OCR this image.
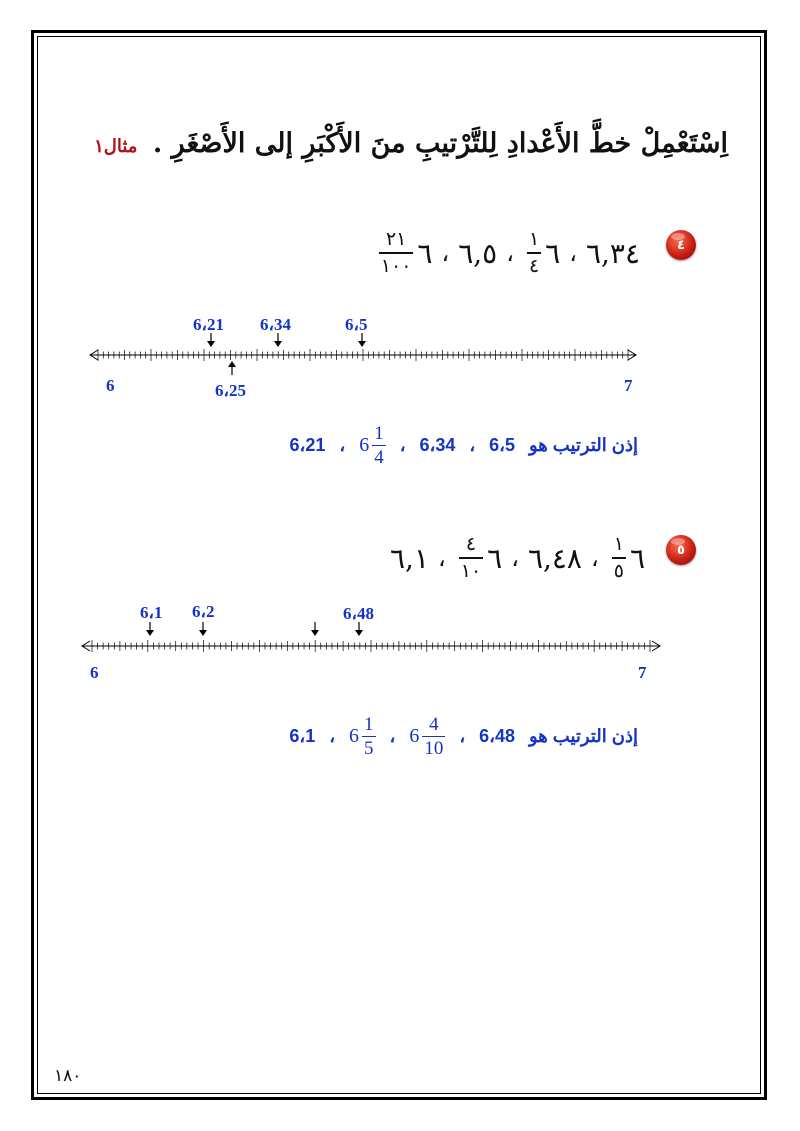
اِسْتَعْمِلْ خطَّ الأَعْدادِ لِلتَّرْتيبِ منَ الأَكْبَرِ إلى الأَصْغَرِ . مثال١
٤
٦,٣٤
،
٦
١
٤
،
٦,٥
،
٦
٢١
١٠٠
6،21 6،34	6،5
6،25
6	7
إذن الترتيب هو
6،5
،
6،34
،
$6 \frac{1}{4}$
،
6،21
٥
٦
١
٥
،
٦,٤٨
،
٦
٤
١٠
،
٦,١
6،1 6،2	6،48
6	7
إذن الترتيب هو
6،48
،
$6 \frac{4}{10}$
،
$6 \frac{1}{5}$
،
6،1
١٨٠
